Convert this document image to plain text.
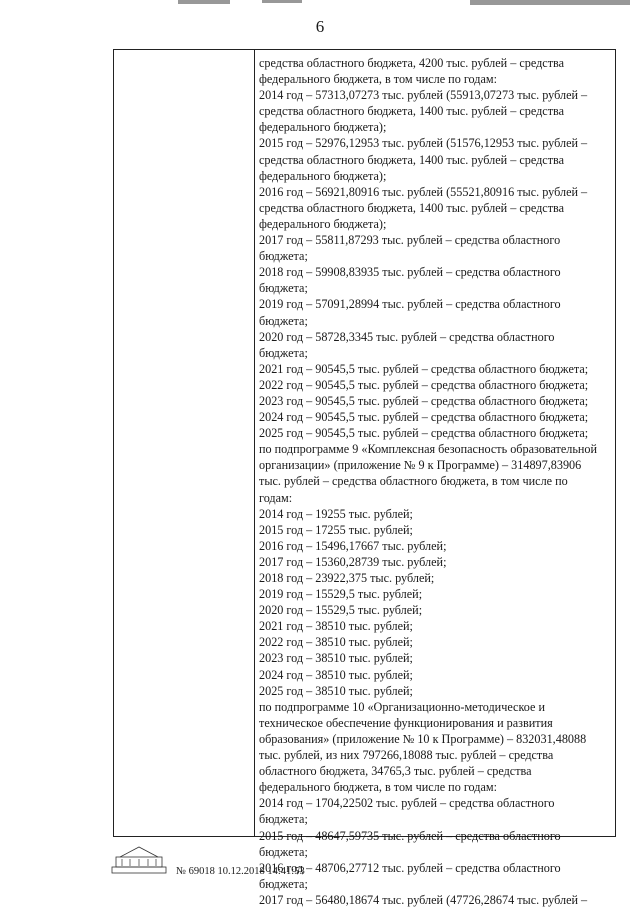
6
средства областного бюджета, 4200 тыс. рублей – средства
федерального бюджета, в том числе по годам:
2014 год – 57313,07273 тыс. рублей (55913,07273 тыс. рублей –
средства областного бюджета, 1400 тыс. рублей – средства
федерального бюджета);
2015 год – 52976,12953 тыс. рублей (51576,12953 тыс. рублей –
средства областного бюджета, 1400 тыс. рублей – средства
федерального бюджета);
2016 год – 56921,80916 тыс. рублей (55521,80916 тыс. рублей –
средства областного бюджета, 1400 тыс. рублей – средства
федерального бюджета);
2017 год – 55811,87293 тыс. рублей – средства областного
бюджета;
2018 год – 59908,83935 тыс. рублей – средства областного
бюджета;
2019 год – 57091,28994 тыс. рублей – средства областного
бюджета;
2020 год – 58728,3345 тыс. рублей – средства областного
бюджета;
2021 год – 90545,5 тыс. рублей – средства областного бюджета;
2022 год – 90545,5 тыс. рублей – средства областного бюджета;
2023 год – 90545,5 тыс. рублей – средства областного бюджета;
2024 год – 90545,5 тыс. рублей – средства областного бюджета;
2025 год – 90545,5 тыс. рублей – средства областного бюджета;
по подпрограмме 9 «Комплексная безопасность образовательной
организации» (приложение № 9 к Программе) – 314897,83906
тыс. рублей – средства областного бюджета, в том числе по
годам:
2014 год – 19255 тыс. рублей;
2015 год – 17255 тыс. рублей;
2016 год – 15496,17667 тыс. рублей;
2017 год – 15360,28739 тыс. рублей;
2018 год – 23922,375 тыс. рублей;
2019 год – 15529,5 тыс. рублей;
2020 год – 15529,5 тыс. рублей;
2021 год – 38510 тыс. рублей;
2022 год – 38510 тыс. рублей;
2023 год – 38510 тыс. рублей;
2024 год – 38510 тыс. рублей;
2025 год – 38510 тыс. рублей;
по подпрограмме 10 «Организационно-методическое и
техническое обеспечение функционирования и развития
образования» (приложение № 10 к Программе) – 832031,48088
тыс. рублей, из них 797266,18088 тыс. рублей – средства
областного бюджета, 34765,3 тыс. рублей – средства
федерального бюджета, в том числе по годам:
2014 год – 1704,22502 тыс. рублей – средства областного
бюджета;
2015 год – 48647,59735 тыс. рублей – средства областного
бюджета;
2016 год – 48706,27712 тыс. рублей – средства областного
бюджета;
2017 год – 56480,18674 тыс. рублей (47726,28674 тыс. рублей –
№ 69018 10.12.2018 14:41:53
